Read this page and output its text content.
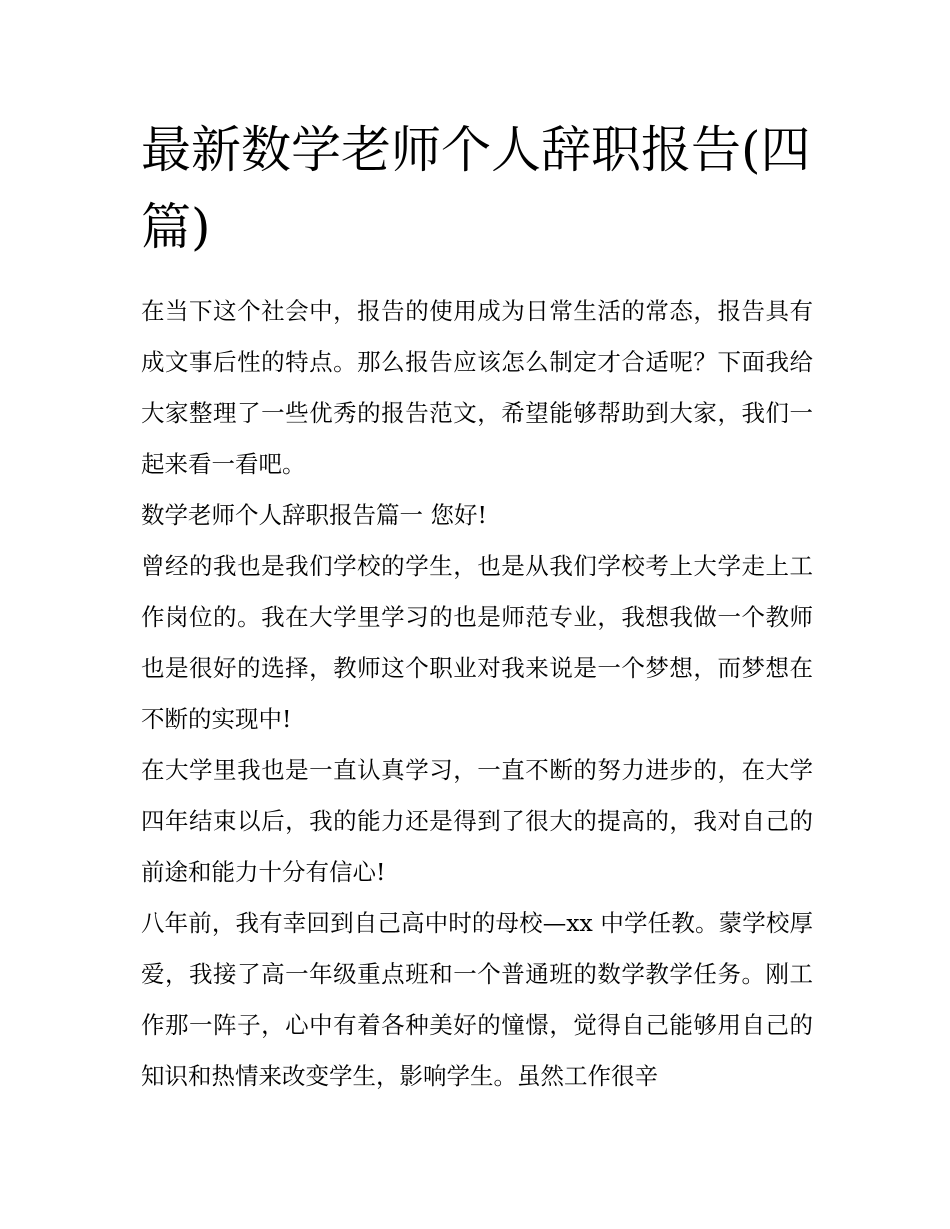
最新数学老师个人辞职报告(四篇)

在当下这个社会中，报告的使用成为日常生活的常态，报告具有成文事后性的特点。那么报告应该怎么制定才合适呢？下面我给大家整理了一些优秀的报告范文，希望能够帮助到大家，我们一起来看一看吧。

数学老师个人辞职报告篇一 您好!

曾经的我也是我们学校的学生，也是从我们学校考上大学走上工作岗位的。我在大学里学习的也是师范专业，我想我做一个教师也是很好的选择，教师这个职业对我来说是一个梦想，而梦想在不断的实现中!

在大学里我也是一直认真学习，一直不断的努力进步的，在大学四年结束以后，我的能力还是得到了很大的提高的，我对自己的前途和能力十分有信心!

八年前，我有幸回到自己高中时的母校—xx 中学任教。蒙学校厚爱，我接了高一年级重点班和一个普通班的数学教学任务。刚工作那一阵子，心中有着各种美好的憧憬，觉得自己能够用自己的知识和热情来改变学生，影响学生。虽然工作很辛
